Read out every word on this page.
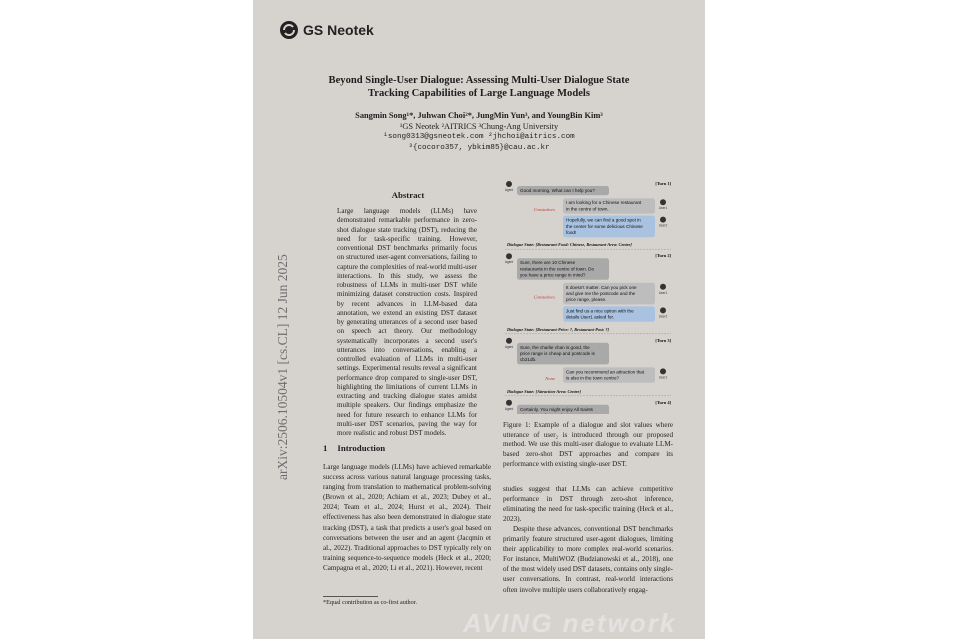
GS Neotek
Beyond Single-User Dialogue: Assessing Multi-User Dialogue State
Tracking Capabilities of Large Language Models
Sangmin Song¹*, Juhwan Choi²*, JungMin Yun³, and YoungBin Kim³
¹GS Neotek ²AITRICS ³Chung-Ang University
¹song0313@gsneotek.com ²jhchoi@aitrics.com
³{cocoro357, ybkim85}@cau.ac.kr
arXiv:2506.10504v1 [cs.CL] 12 Jun 2025
Abstract
Large language models (LLMs) have demonstrated remarkable performance in zero-shot dialogue state tracking (DST), reducing the need for task-specific training. However, conventional DST benchmarks primarily focus on structured user-agent conversations, failing to capture the complexities of real-world multi-user interactions. In this study, we assess the robustness of LLMs in multi-user DST while minimizing dataset construction costs. Inspired by recent advances in LLM-based data annotation, we extend an existing DST dataset by generating utterances of a second user based on speech act theory. Our methodology systematically incorporates a second user's utterances into conversations, enabling a controlled evaluation of LLMs in multi-user settings. Experimental results reveal a significant performance drop compared to single-user DST, highlighting the limitations of current LLMs in extracting and tracking dialogue states amidst multiple speakers. Our findings emphasize the need for future research to enhance LLMs for multi-user DST scenarios, paving the way for more realistic and robust DST models.
1 Introduction
Large language models (LLMs) have achieved remarkable success across various natural language processing tasks, ranging from translation to mathematical problem-solving (Brown et al., 2020; Achiam et al., 2023; Dubey et al., 2024; Team et al., 2024; Hurst et al., 2024). Their effectiveness has also been demonstrated in dialogue state tracking (DST), a task that predicts a user's goal based on conversations between the user and an agent (Jacqmin et al., 2022). Traditional approaches to DST typically rely on training sequence-to-sequence models (Heck et al., 2020; Campagna et al., 2020; Li et al., 2021). However, recent
*Equal contribution as co-first author.
[Turn 1]
Agent Good morning. What can I help you?
I am looking for a Chinese restaurant
in the centre of town.	User1
Constatives
Hopefully, we can find a good spot in
the center for some delicious Chinese
food!
User2
Dialogue State: [Restaurant-Food: Chinese, Restaurant-Area: Centre]
[Turn 2]
Agent Sure, there are 10 Chinese
restaurants in the centre of town. Do
you have a price range in mind?
It doesn't matter. Can you pick one
and give me the postcode and the
price range, please.
User1
Constatives
Just find us a nice option with the
details User1 asked for.	User2
Dialogue State: [Restaurant-Price: ?, Restaurant-Post: ?]
[Turn 3]
Agent Sure, the charlie chan is good, the
price range is cheap and postcode is
cb21db.
Can you recommend an attraction that
is also in the town centre?	User1
None
Dialogue State: [Attraction-Area: Centre]
[Turn 4]
Agent Certainly. You might enjoy All Saints
Figure 1: Example of a dialogue and slot values where utterance of user₂ is introduced through our proposed method. We use this multi-user dialogue to evaluate LLM-based zero-shot DST approaches and compare its performance with existing single-user DST.
studies suggest that LLMs can achieve competitive performance in DST through zero-shot inference, eliminating the need for task-specific training (Heck et al., 2023).
Despite these advances, conventional DST benchmarks primarily feature structured user-agent dialogues, limiting their applicability to more complex real-world scenarios. For instance, MultiWOZ (Budzianowski et al., 2018), one of the most widely used DST datasets, contains only single-user conversations. In contrast, real-world interactions often involve multiple users collaboratively engag-
AVING network
